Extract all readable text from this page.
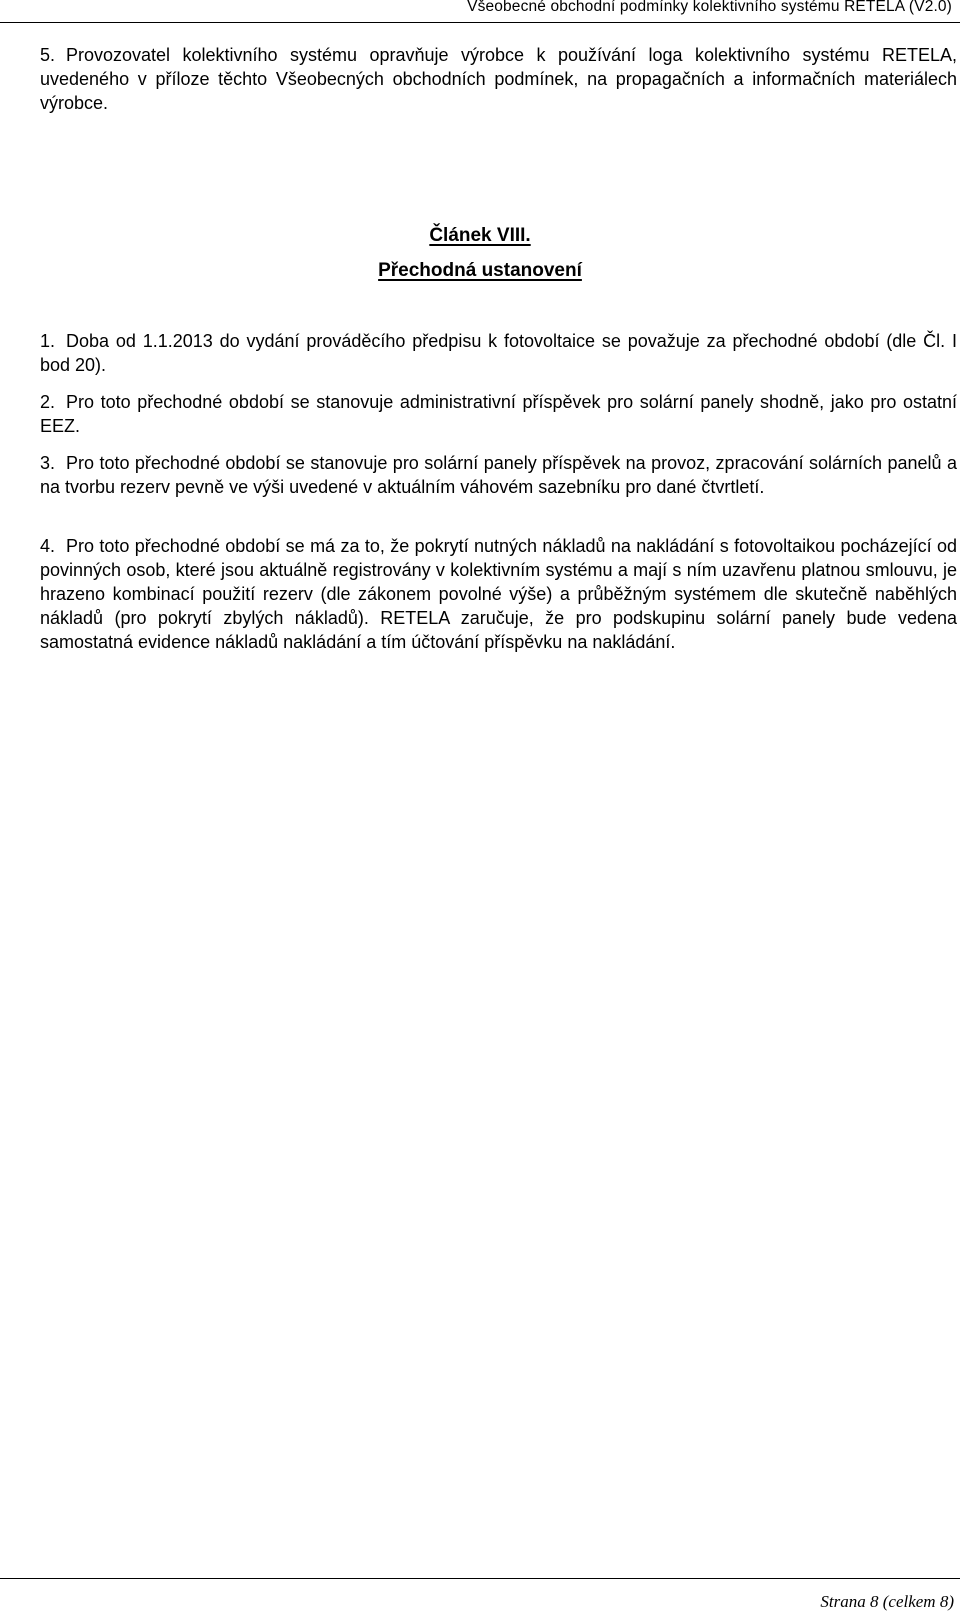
Všeobecné obchodní podmínky kolektivního systému RETELA (V2.0)

5. Provozovatel kolektivního systému opravňuje výrobce k používání loga kolektivního systému RETELA, uvedeného v příloze těchto Všeobecných obchodních podmínek, na propagačních a informačních materiálech výrobce.

Článek VIII.
Přechodná ustanovení

1. Doba od 1.1.2013 do vydání prováděcího předpisu k fotovoltaice se považuje za přechodné období (dle Čl. I bod 20).

2. Pro toto přechodné období se stanovuje administrativní příspěvek pro solární panely shodně, jako pro ostatní EEZ.

3. Pro toto přechodné období se stanovuje pro solární panely příspěvek na provoz, zpracování solárních panelů a na tvorbu rezerv pevně ve výši uvedené v aktuálním váhovém sazebníku pro dané čtvrtletí.

4. Pro toto přechodné období se má za to, že pokrytí nutných nákladů na nakládání s fotovoltaikou pocházející od povinných osob, které jsou aktuálně registrovány v kolektivním systému a mají s ním uzavřenu platnou smlouvu, je hrazeno kombinací použití rezerv (dle zákonem povolné výše) a průběžným systémem dle skutečně naběhlých nákladů (pro pokrytí zbylých nákladů). RETELA zaručuje, že pro podskupinu solární panely bude vedena samostatná evidence nákladů nakládání a tím účtování příspěvku na nakládání.

Strana 8 (celkem 8)
